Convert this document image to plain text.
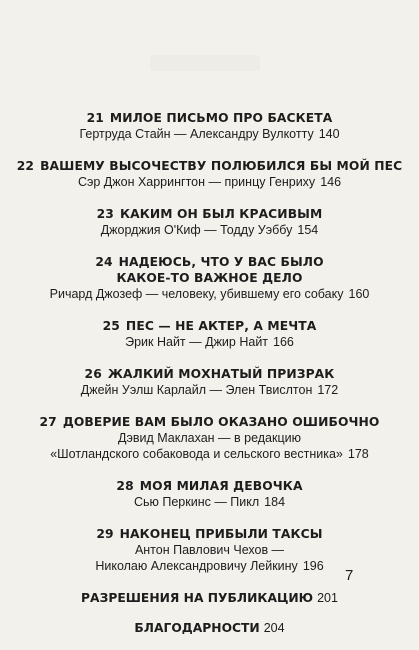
21 МИЛОЕ ПИСЬМО ПРО БАСКЕТА
Гертруда Стайн — Александру Вулкотту 140
22 ВАШЕМУ ВЫСОЧЕСТВУ ПОЛЮБИЛСЯ БЫ МОЙ ПЕС
Сэр Джон Харрингтон — принцу Генриху 146
23 КАКИМ ОН БЫЛ КРАСИВЫМ
Джорджия О'Киф — Тодду Уэббу 154
24 НАДЕЮСЬ, ЧТО У ВАС БЫЛО
КАКОЕ-ТО ВАЖНОЕ ДЕЛО
Ричард Джозеф — человеку, убившему его собаку 160
25 ПЕС — НЕ АКТЕР, А МЕЧТА
Эрик Найт — Джир Найт 166
26 ЖАЛКИЙ МОХНАТЫЙ ПРИЗРАК
Джейн Уэлш Карлайл — Элен Твислтон 172
27 ДОВЕРИЕ ВАМ БЫЛО ОКАЗАНО ОШИБОЧНО
Дэвид Маклахан — в редакцию
«Шотландского собаковода и сельского вестника» 178
28 МОЯ МИЛАЯ ДЕВОЧКА
Сью Перкинс — Пикл 184
29 НАКОНЕЦ ПРИБЫЛИ ТАКСЫ
Антон Павлович Чехов —
Николаю Александровичу Лейкину 196
РАЗРЕШЕНИЯ НА ПУБЛИКАЦИЮ 201
БЛАГОДАРНОСТИ 204
7
